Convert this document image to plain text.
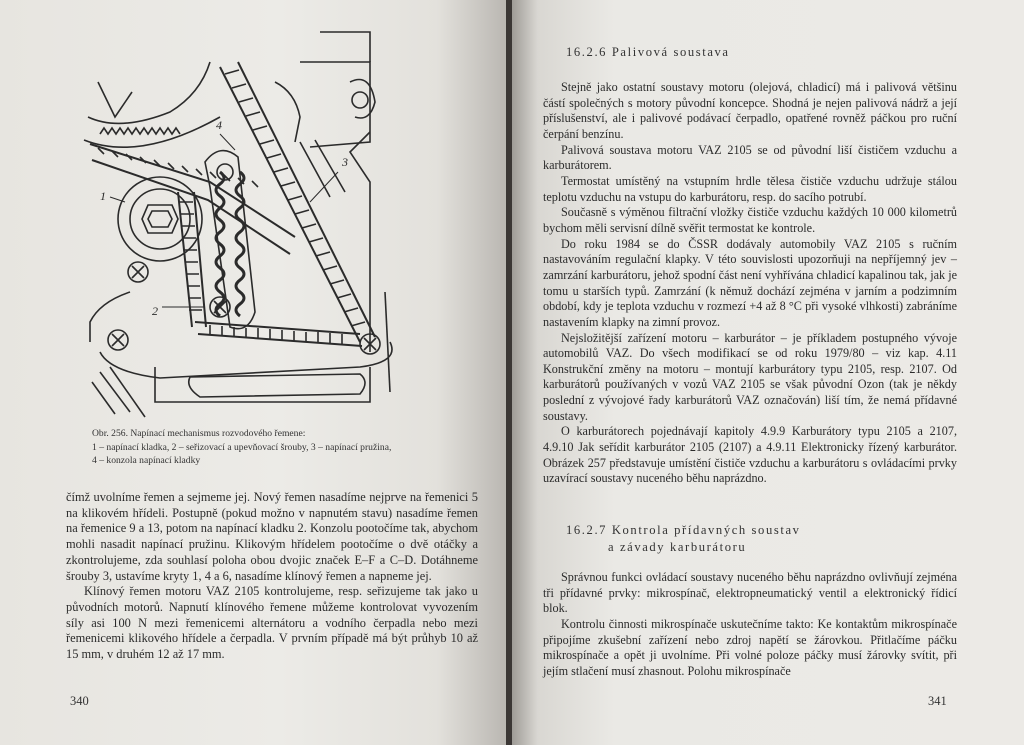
4
1
2
3

Obr. 256. Napínací mechanismus rozvodového řemene:

1 – napínací kladka, 2 – seřizovací a upevňovací šrouby, 3 – napínací pružina,

4 – konzola napínací kladky

čímž uvolníme řemen a sejmeme jej. Nový řemen nasadíme nejprve na řemenici 5 na klikovém hřídeli. Postupně (pokud možno v napnutém stavu) nasadíme řemen na řemenice 9 a 13, potom na napínací kladku 2. Konzolu pootočíme tak, abychom mohli nasadit napínací pružinu. Klikovým hřídelem pootočíme o dvě otáčky a zkontrolujeme, zda souhlasí poloha obou dvojic značek E–F a C–D. Dotáhneme šrouby 3, ustavíme kryty 1, 4 a 6, nasadíme klínový řemen a napneme jej.

Klínový řemen motoru VAZ 2105 kontrolujeme, resp. seřizujeme tak jako u původních motorů. Napnutí klínového řemene můžeme kontrolovat vyvozením síly asi 100 N mezi řemenicemi alternátoru a vodního čerpadla nebo mezi řemenicemi klikového hřídele a čerpadla. V prvním případě má být průhyb 10 až 15 mm, v druhém 12 až 17 mm.

340
16.2.6 Palivová soustava

Stejně jako ostatní soustavy motoru (olejová, chladicí) má i palivová většinu částí společných s motory původní koncepce. Shodná je nejen palivová nádrž a její příslušenství, ale i palivové podávací čerpadlo, opatřené rovněž páčkou pro ruční čerpání benzínu.

Palivová soustava motoru VAZ 2105 se od původní liší čističem vzduchu a karburátorem.

Termostat umístěný na vstupním hrdle tělesa čističe vzduchu udržuje stálou teplotu vzduchu na vstupu do karburátoru, resp. do sacího potrubí.

Současně s výměnou filtrační vložky čističe vzduchu každých 10 000 kilometrů bychom měli servisní dílně svěřit termostat ke kontrole.

Do roku 1984 se do ČSSR dodávaly automobily VAZ 2105 s ručním nastavováním regulační klapky. V této souvislosti upozorňuji na nepříjemný jev – zamrzání karburátoru, jehož spodní část není vyhřívána chladicí kapalinou tak, jak je tomu u starších typů. Zamrzání (k němuž dochází zejména v jarním a podzimním období, kdy je teplota vzduchu v rozmezí +4 až 8 °C při vysoké vlhkosti) zabráníme nastavením klapky na zimní provoz.

Nejsložitější zařízení motoru – karburátor – je příkladem postupného vývoje automobilů VAZ. Do všech modifikací se od roku 1979/80 – viz kap. 4.11 Konstrukční změny na motoru – montují karburátory typu 2105, resp. 2107. Od karburátorů používaných v vozů VAZ 2105 se však původní Ozon (tak je někdy poslední z vývojové řady karburátorů VAZ označován) liší tím, že nemá přídavné soustavy.

O karburátorech pojednávají kapitoly 4.9.9 Karburátory typu 2105 a 2107, 4.9.10 Jak seřídit karburátor 2105 (2107) a 4.9.11 Elektronicky řízený karburátor. Obrázek 257 představuje umístění čističe vzduchu a karburátoru s ovládacími prvky uzavírací soustavy nuceného běhu naprázdno.

16.2.7 Kontrola přídavných soustav
a závady karburátoru

Správnou funkci ovládací soustavy nuceného běhu naprázdno ovlivňují zejména tři přídavné prvky: mikrospínač, elektropneumatický ventil a elektronický řídicí blok.

Kontrolu činnosti mikrospínače uskutečníme takto: Ke kontaktům mikrospínače připojíme zkušební zařízení nebo zdroj napětí se žárovkou. Přitlačíme páčku mikrospínače a opět ji uvolníme. Při volné poloze páčky musí žárovky svítit, při jejím stlačení musí zhasnout. Polohu mikrospínače

341
